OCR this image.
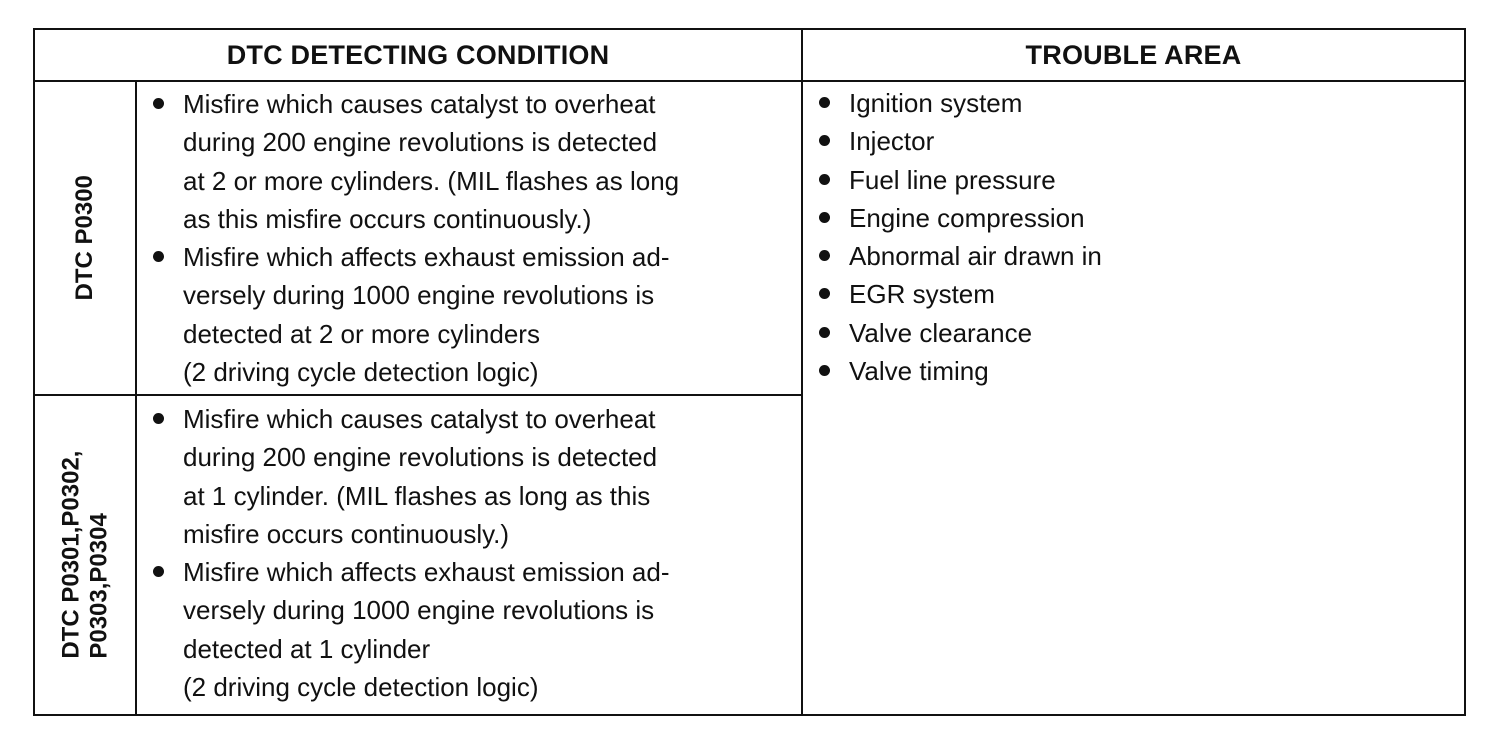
DTC DETECTING CONDITION	TROUBLE AREA
DTC P0300
DTC P0301,P0302, P0303,P0304
Misfire which causes catalyst to overheat
during 200 engine revolutions is detected
at 2 or more cylinders. (MIL flashes as long
as this misfire occurs continuously.)
Misfire which affects exhaust emission ad-
versely during 1000 engine revolutions is
detected at 2 or more cylinders
(2 driving cycle detection logic)
Misfire which causes catalyst to overheat
during 200 engine revolutions is detected
at 1 cylinder. (MIL flashes as long as this
misfire occurs continuously.)
Misfire which affects exhaust emission ad-
versely during 1000 engine revolutions is
detected at 1 cylinder
(2 driving cycle detection logic)
Ignition system
Injector
Fuel line pressure
Engine compression
Abnormal air drawn in
EGR system
Valve clearance
Valve timing
